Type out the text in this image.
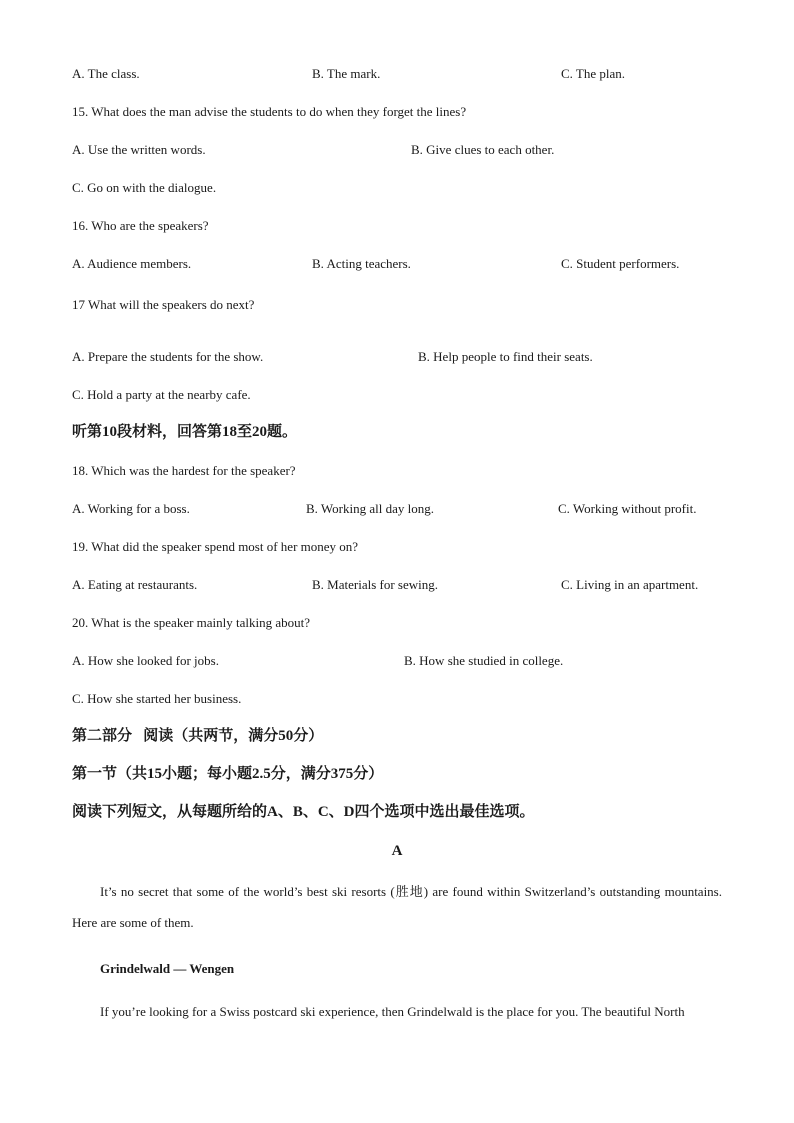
A. The class.	B. The mark.	C. The plan.
15. What does the man advise the students to do when they forget the lines?
A. Use the written words.	B. Give clues to each other.
C. Go on with the dialogue.
16. Who are the speakers?
A. Audience members.	B. Acting teachers.	C. Student performers.
17 What will the speakers do next?
A. Prepare the students for the show.	B. Help people to find their seats.
C. Hold a party at the nearby cafe.
听第10段材料，回答第18至20题。
18. Which was the hardest for the speaker?
A. Working for a boss.	B. Working all day long.	C. Working without profit.
19. What did the speaker spend most of her money on?
A. Eating at restaurants.	B. Materials for sewing.	C. Living in an apartment.
20. What is the speaker mainly talking about?
A. How she looked for jobs.	B. How she studied in college.
C. How she started her business.
第二部分   阅读（共两节，满分50分）
第一节（共15小题；每小题2.5分，满分375分）
阅读下列短文，从每题所给的A、B、C、D四个选项中选出最佳选项。
A
It’s no secret that some of the world’s best ski resorts (胜地) are found within Switzerland’s outstanding mountains. Here are some of them.
Grindelwald — Wengen
If you’re looking for a Swiss postcard ski experience, then Grindelwald is the place for you. The beautiful North
